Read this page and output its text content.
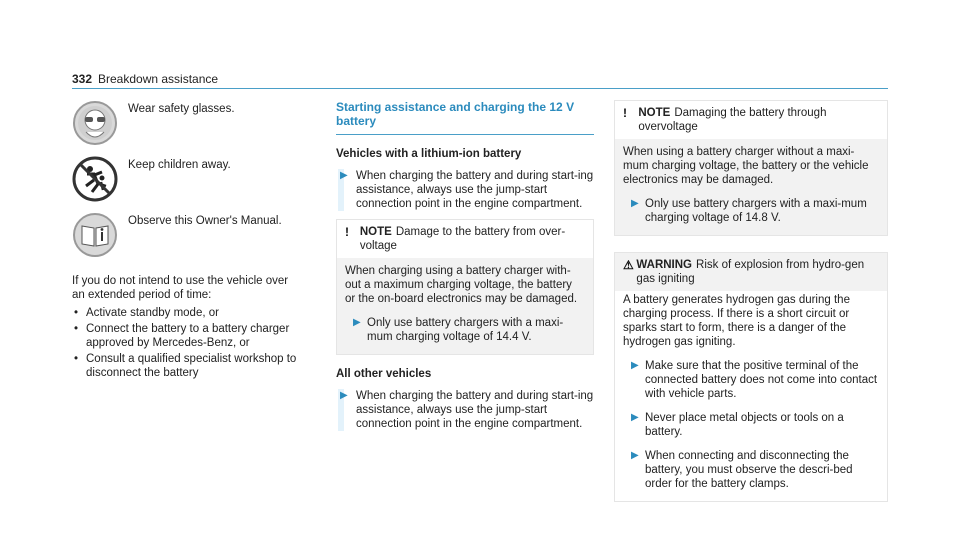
332 Breakdown assistance
Wear safety glasses.
Keep children away.
Observe this Owner's Manual.
If you do not intend to use the vehicle over an extended period of time:
• Activate standby mode, or
• Connect the battery to a battery charger approved by Mercedes-Benz, or
• Consult a qualified specialist workshop to disconnect the battery
Starting assistance and charging the 12 V battery
Vehicles with a lithium-ion battery
▶ When charging the battery and during start-ing assistance, always use the jump-start connection point in the engine compartment.
! NOTE Damage to the battery from over-voltage
When charging using a battery charger with-out a maximum charging voltage, the battery or the on-board electronics may be damaged.
▶ Only use battery chargers with a maxi-mum charging voltage of 14.4 V.
All other vehicles
▶ When charging the battery and during start-ing assistance, always use the jump-start connection point in the engine compartment.
! NOTE Damaging the battery through overvoltage
When using a battery charger without a maxi-mum charging voltage, the battery or the vehicle electronics may be damaged.
▶ Only use battery chargers with a maxi-mum charging voltage of 14.8 V.
⚠ WARNING Risk of explosion from hydro-gen gas igniting
A battery generates hydrogen gas during the charging process. If there is a short circuit or sparks start to form, there is a danger of the hydrogen gas igniting.
▶ Make sure that the positive terminal of the connected battery does not come into contact with vehicle parts.
▶ Never place metal objects or tools on a battery.
▶ When connecting and disconnecting the battery, you must observe the descri-bed order for the battery clamps.
